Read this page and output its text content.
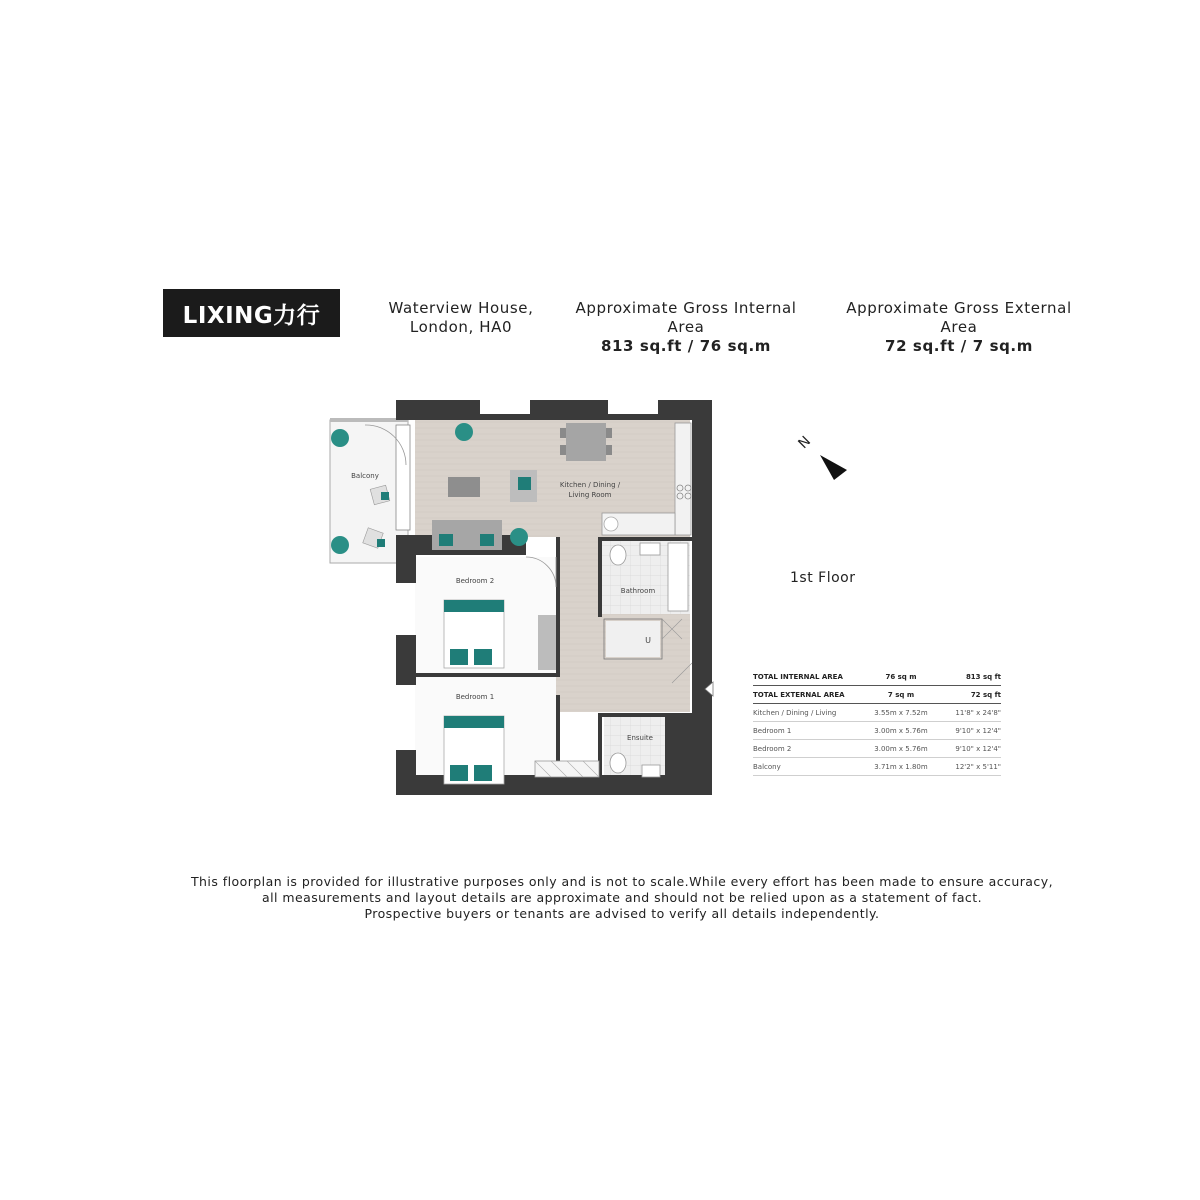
LIXING力行	Waterview House,
London, HA0
Approximate Gross Internal Area
813 sq.ft / 76 sq.m
Approximate Gross External Area
72 sq.ft / 7 sq.m
Balcony
Kitchen / Dining /
Living Room
Bedroom 2
Bedroom 1
Bathroom
Ensuite
U
N
1st Floor
TOTAL INTERNAL AREA	76 sq m	813 sq ft
TOTAL EXTERNAL AREA	7 sq m	72 sq ft
Kitchen / Dining / Living	3.55m x 7.52m	11'8" x 24'8"
Bedroom 1	3.00m x 5.76m	9'10" x 12'4"
Bedroom 2	3.00m x 5.76m	9'10" x 12'4"
Balcony	3.71m x 1.80m	12'2" x 5'11"
This floorplan is provided for illustrative purposes only and is not to scale.While every effort has been made to ensure accuracy,
all measurements and layout details are approximate and should not be relied upon as a statement of fact.
Prospective buyers or tenants are advised to verify all details independently.
